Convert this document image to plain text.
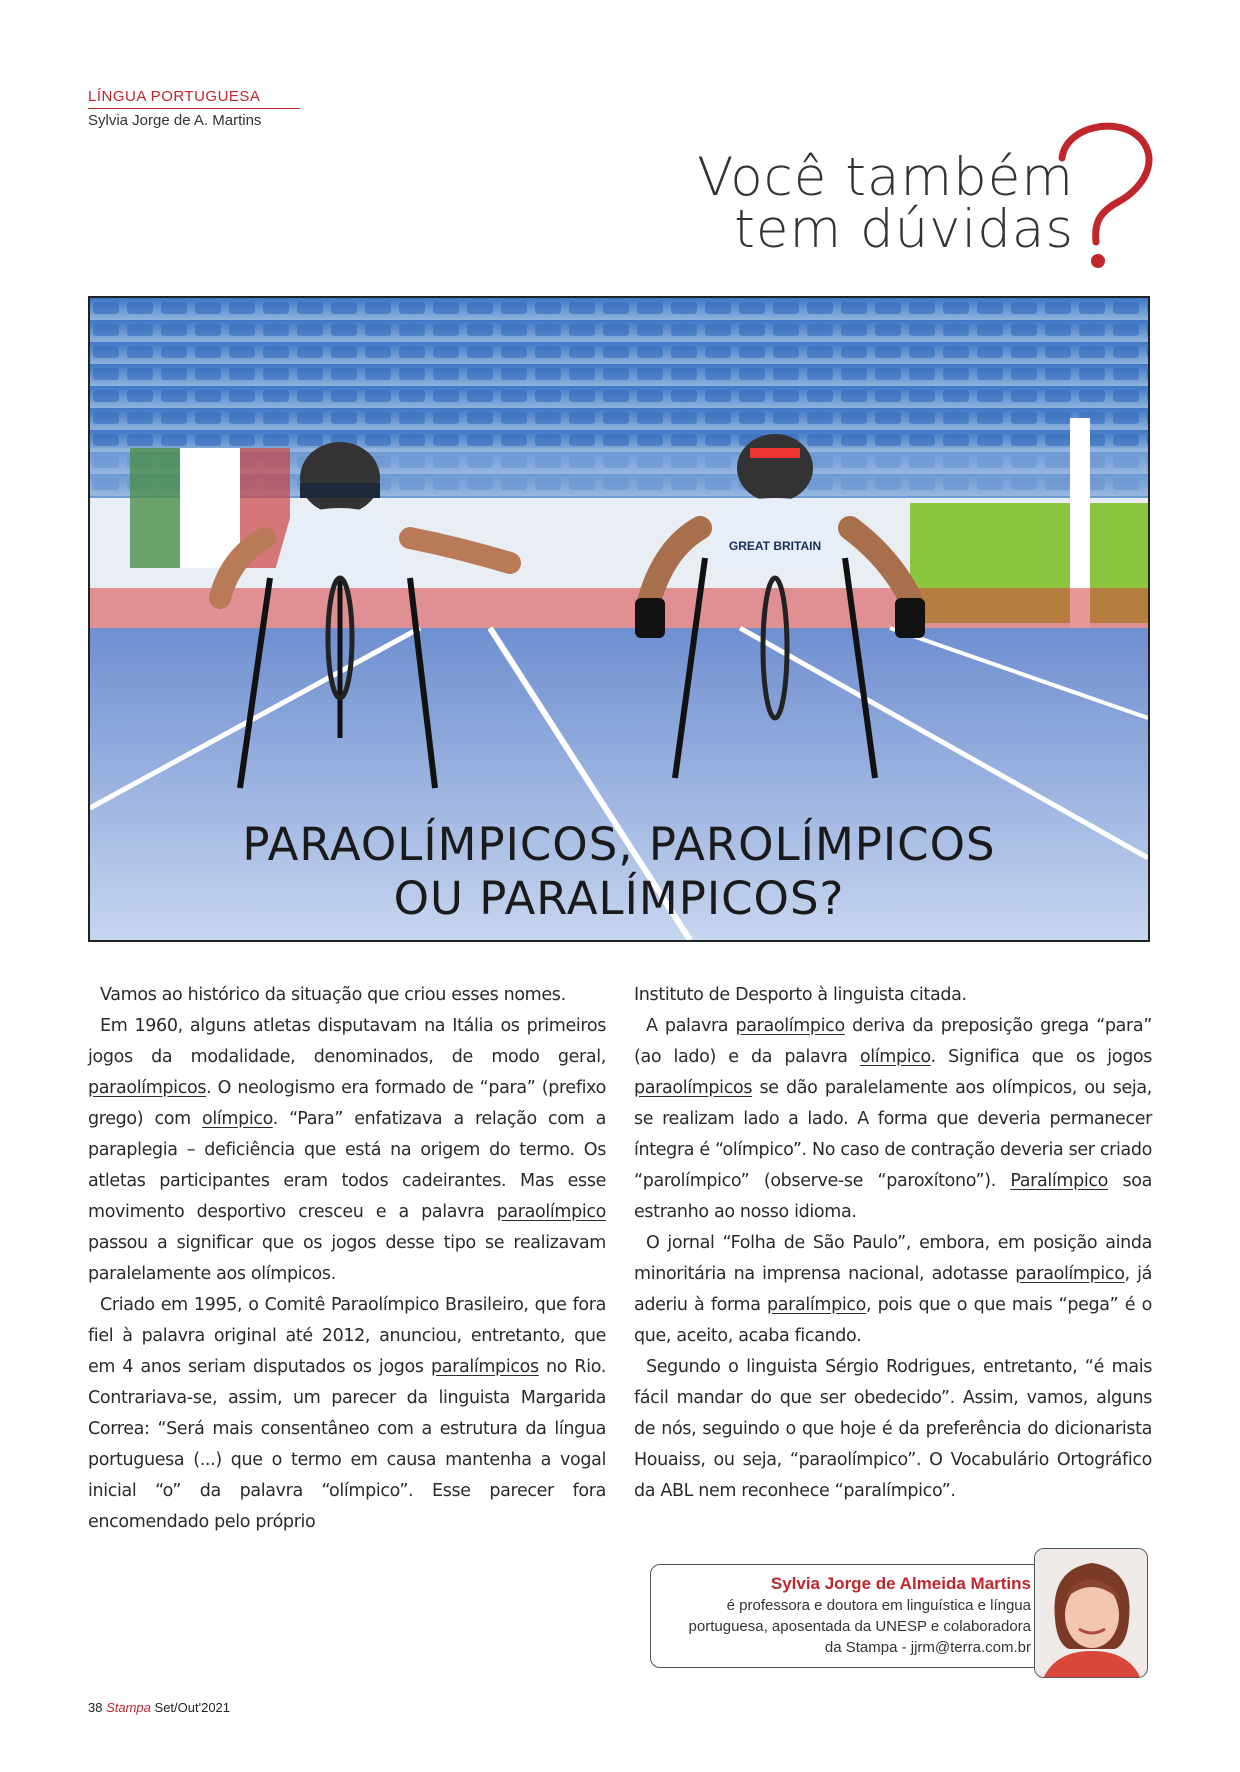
LÍNGUA PORTUGUESA
Sylvia Jorge de A. Martins
Você também
tem dúvidas
GREAT BRITAIN
PARAOLÍMPICOS, PAROLÍMPICOS
OU PARALÍMPICOS?

Vamos ao histórico da situação que criou esses nomes.

Em 1960, alguns atletas disputavam na Itália os primeiros jogos da modalidade, denominados, de modo geral, paraolímpicos. O neologismo era formado de “para” (prefixo grego) com olímpico. “Para” enfatizava a relação com a paraplegia – deficiência que está na origem do termo. Os atletas participantes eram todos cadeirantes. Mas esse movimento desportivo cresceu e a palavra paraolímpico passou a significar que os jogos desse tipo se realizavam paralelamente aos olímpicos.

Criado em 1995, o Comitê Paraolímpico Brasileiro, que fora fiel à palavra original até 2012, anunciou, entretanto, que em 4 anos seriam disputados os jogos paralímpicos no Rio. Contrariava-se, assim, um parecer da linguista Margarida Correa: “Será mais consentâneo com a estrutura da língua portuguesa (...) que o termo em causa mantenha a vogal inicial “o” da palavra “olímpico”. Esse parecer fora encomendado pelo próprio

Instituto de Desporto à linguista citada.

A palavra paraolímpico deriva da preposição grega “para” (ao lado) e da palavra olímpico. Significa que os jogos paraolímpicos se dão paralelamente aos olímpicos, ou seja, se realizam lado a lado. A forma que deveria permanecer íntegra é “olímpico”. No caso de contração deveria ser criado “parolímpico” (observe-se “paroxítono”). Paralímpico soa estranho ao nosso idioma.

O jornal “Folha de São Paulo”, embora, em posição ainda minoritária na imprensa nacional, adotasse paraolímpico, já aderiu à forma paralímpico, pois que o que mais “pega” é o que, aceito, acaba ficando.

Segundo o linguista Sérgio Rodrigues, entretanto, “é mais fácil mandar do que ser obedecido”. Assim, vamos, alguns de nós, seguindo o que hoje é da preferência do dicionarista Houaiss, ou seja, “paraolímpico”. O Vocabulário Ortográfico da ABL nem reconhece “paralímpico”.

Sylvia Jorge de Almeida Martins
é professora e doutora em linguística e língua
portuguesa, aposentada da UNESP e colaboradora
da Stampa - jjrm@terra.com.br
38 Stampa Set/Out'2021
